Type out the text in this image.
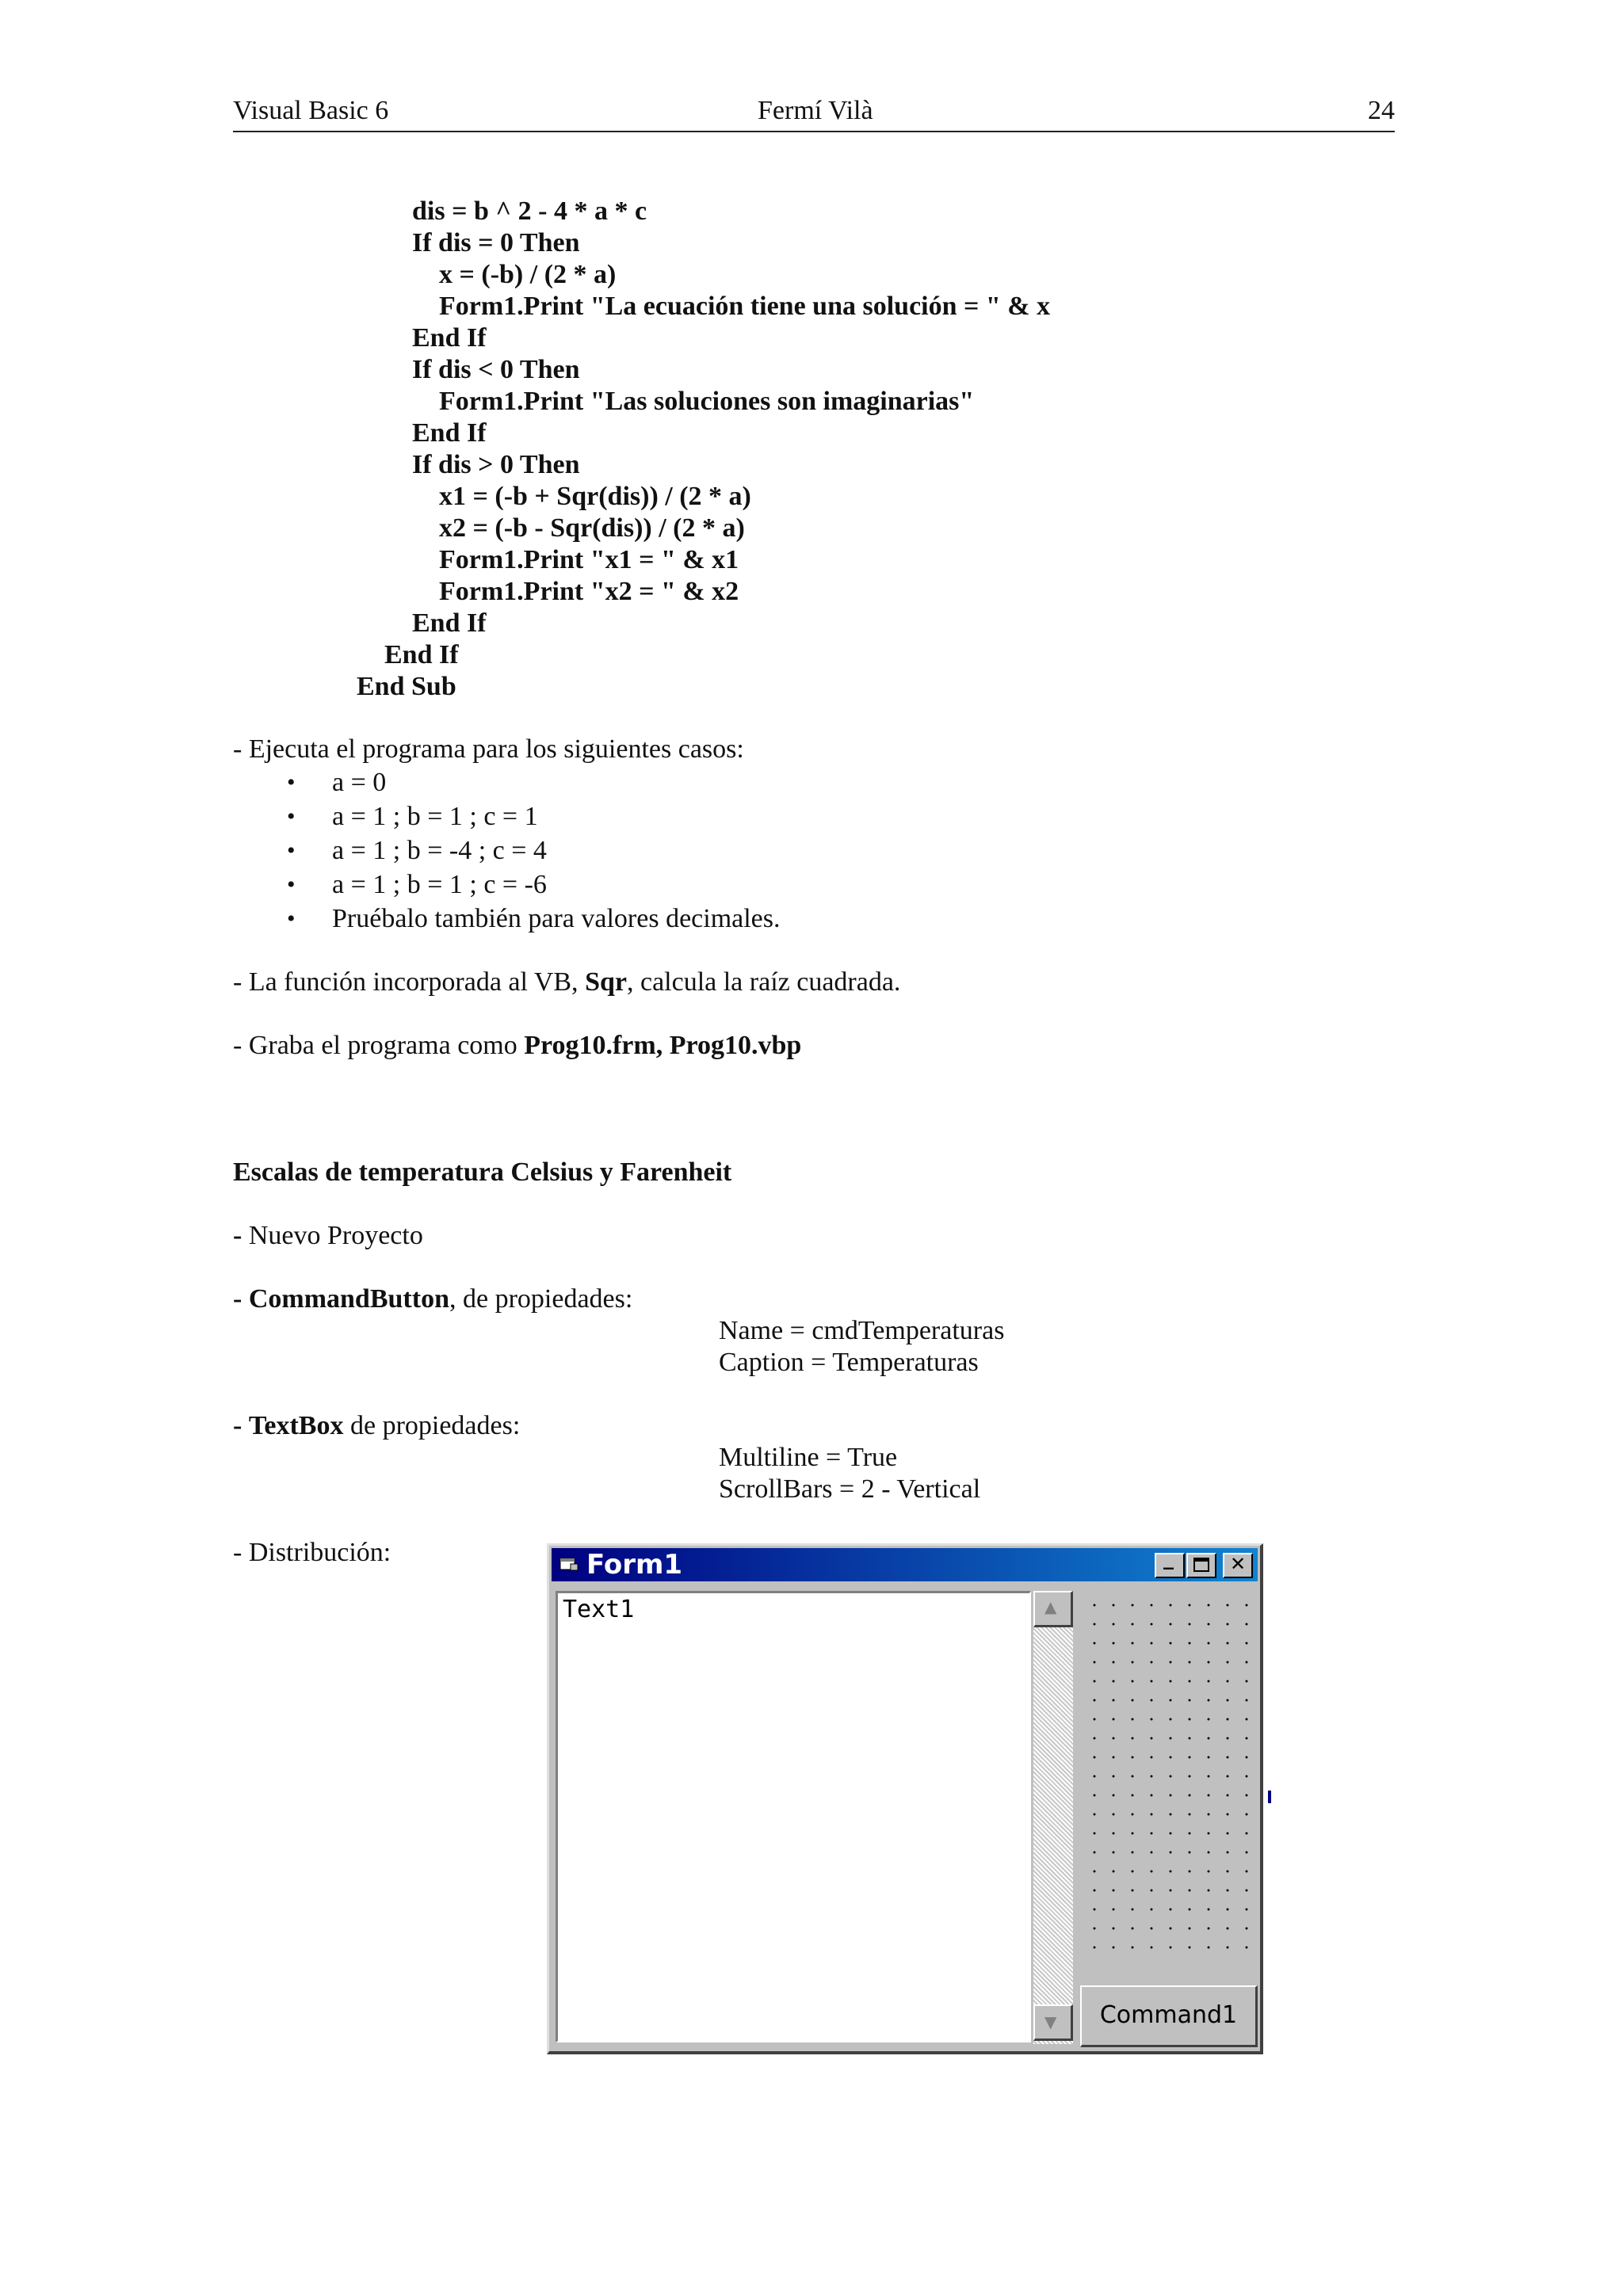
Visual Basic 6	Fermí Vilà	24
dis = b ^ 2 - 4 * a * c
If dis = 0 Then
x = (-b) / (2 * a)
Form1.Print "La ecuación tiene una solución = " & x
End If
If dis < 0 Then
Form1.Print "Las soluciones son imaginarias"
End If
If dis > 0 Then
x1 = (-b + Sqr(dis)) / (2 * a)
x2 = (-b - Sqr(dis)) / (2 * a)
Form1.Print "x1 = " & x1
Form1.Print "x2 = " & x2
End If
End If
End Sub
- Ejecuta el programa para los siguientes casos:
• a = 0
• a = 1 ; b = 1 ; c = 1
• a = 1 ; b = -4 ; c = 4
• a = 1 ; b = 1 ; c = -6
• Pruébalo también para valores decimales.
- La función incorporada al VB, Sqr, calcula la raíz cuadrada.
- Graba el programa como Prog10.frm, Prog10.vbp
Escalas de temperatura Celsius y Farenheit
- Nuevo Proyecto
- CommandButton, de propiedades:
Name = cmdTemperaturas
Caption = Temperaturas
- TextBox de propiedades:
Multiline = True
ScrollBars = 2 - Vertical
- Distribución:	Form1	_	✕
Text1	▲
▼	Command1
